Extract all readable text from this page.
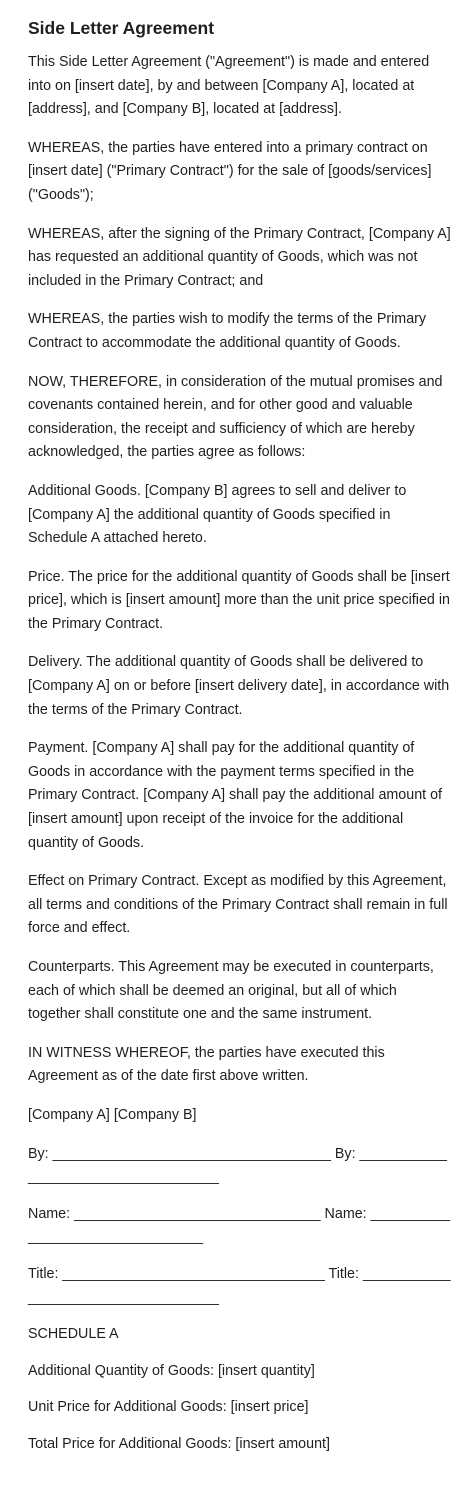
Side Letter Agreement

This Side Letter Agreement ("Agreement") is made and entered into on [insert date], by and between [Company A], located at [address], and [Company B], located at [address].

WHEREAS, the parties have entered into a primary contract on [insert date] ("Primary Contract") for the sale of [goods/services] ("Goods");

WHEREAS, after the signing of the Primary Contract, [Company A] has requested an additional quantity of Goods, which was not included in the Primary Contract; and

WHEREAS, the parties wish to modify the terms of the Primary Contract to accommodate the additional quantity of Goods.

NOW, THEREFORE, in consideration of the mutual promises and covenants contained herein, and for other good and valuable consideration, the receipt and sufficiency of which are hereby acknowledged, the parties agree as follows:

Additional Goods. [Company B] agrees to sell and deliver to [Company A] the additional quantity of Goods specified in Schedule A attached hereto.

Price. The price for the additional quantity of Goods shall be [insert price], which is [insert amount] more than the unit price specified in the Primary Contract.

Delivery. The additional quantity of Goods shall be delivered to [Company A] on or before [insert delivery date], in accordance with the terms of the Primary Contract.

Payment. [Company A] shall pay for the additional quantity of Goods in accordance with the payment terms specified in the Primary Contract. [Company A] shall pay the additional amount of [insert amount] upon receipt of the invoice for the additional quantity of Goods.

Effect on Primary Contract. Except as modified by this Agreement, all terms and conditions of the Primary Contract shall remain in full force and effect.

Counterparts. This Agreement may be executed in counterparts, each of which shall be deemed an original, but all of which together shall constitute one and the same instrument.

IN WITNESS WHEREOF, the parties have executed this Agreement as of the date first above written.

[Company A] [Company B]

By: ___________________________________ By: ___________________________________

Name: _______________________________ Name: ________________________________

Title: _________________________________ Title: ___________________________________

SCHEDULE A

Additional Quantity of Goods: [insert quantity]

Unit Price for Additional Goods: [insert price]

Total Price for Additional Goods: [insert amount]
